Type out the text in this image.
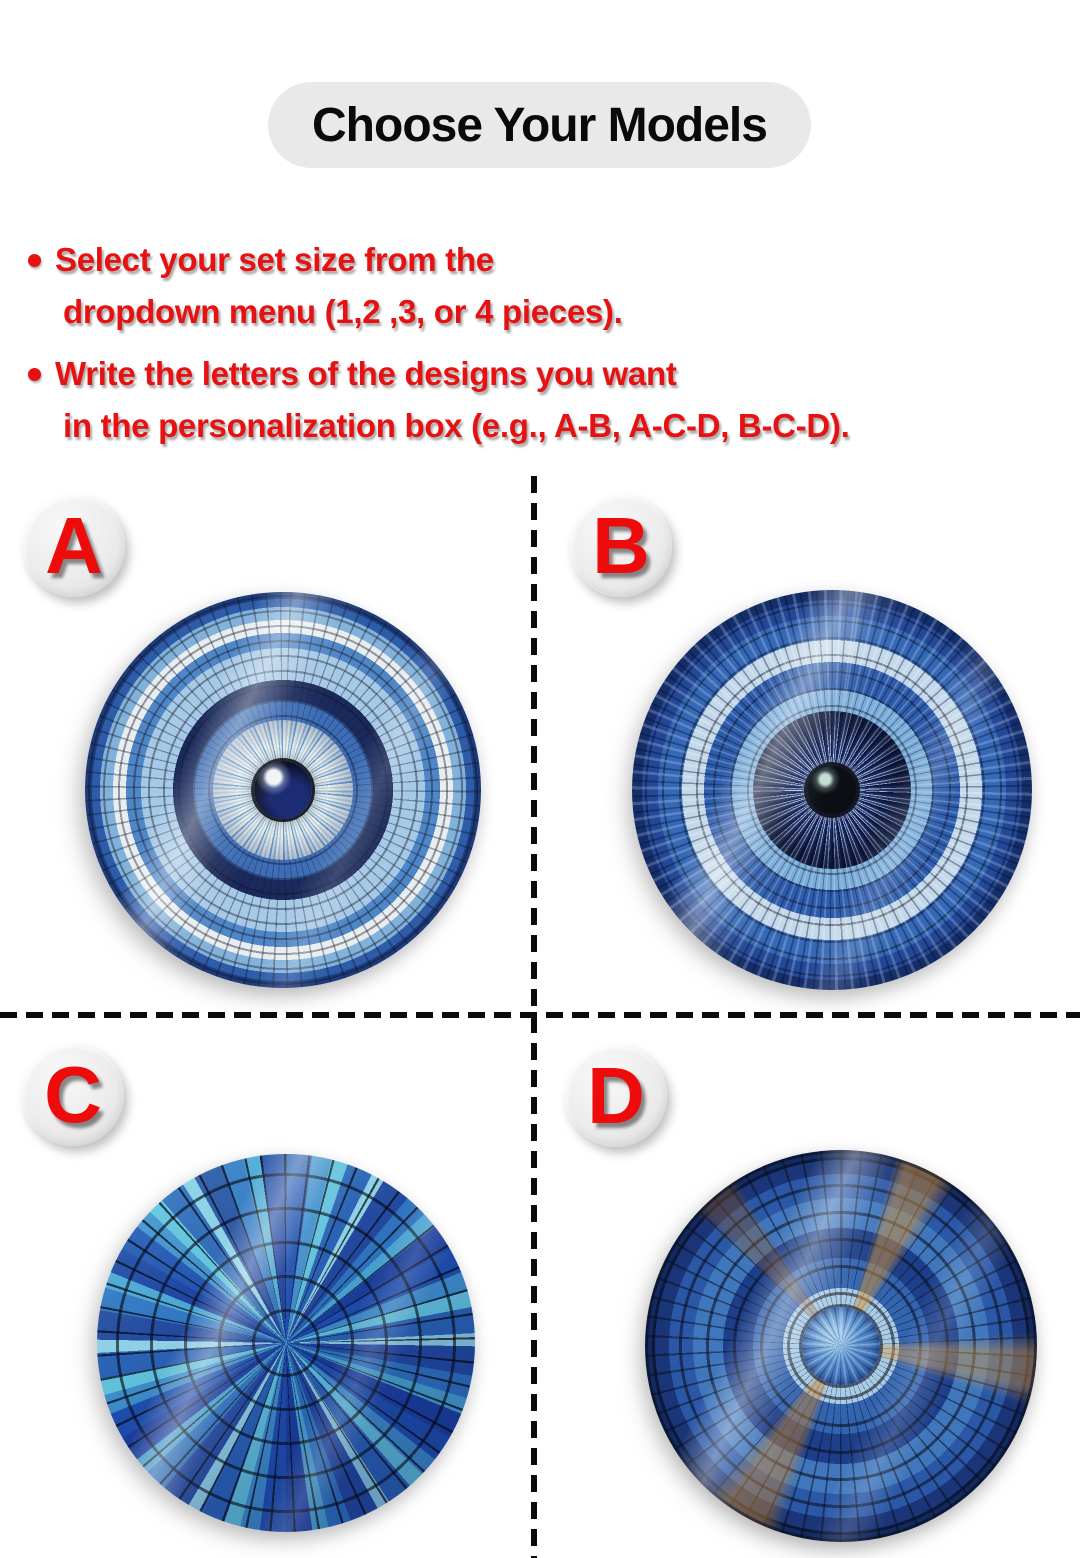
Choose Your Models
Select your set size from the
dropdown menu (1,2 ,3, or 4 pieces).
Write the letters of the designs you want
in the personalization box (e.g., A-B, A-C-D, B-C-D).
A	B
C	D
